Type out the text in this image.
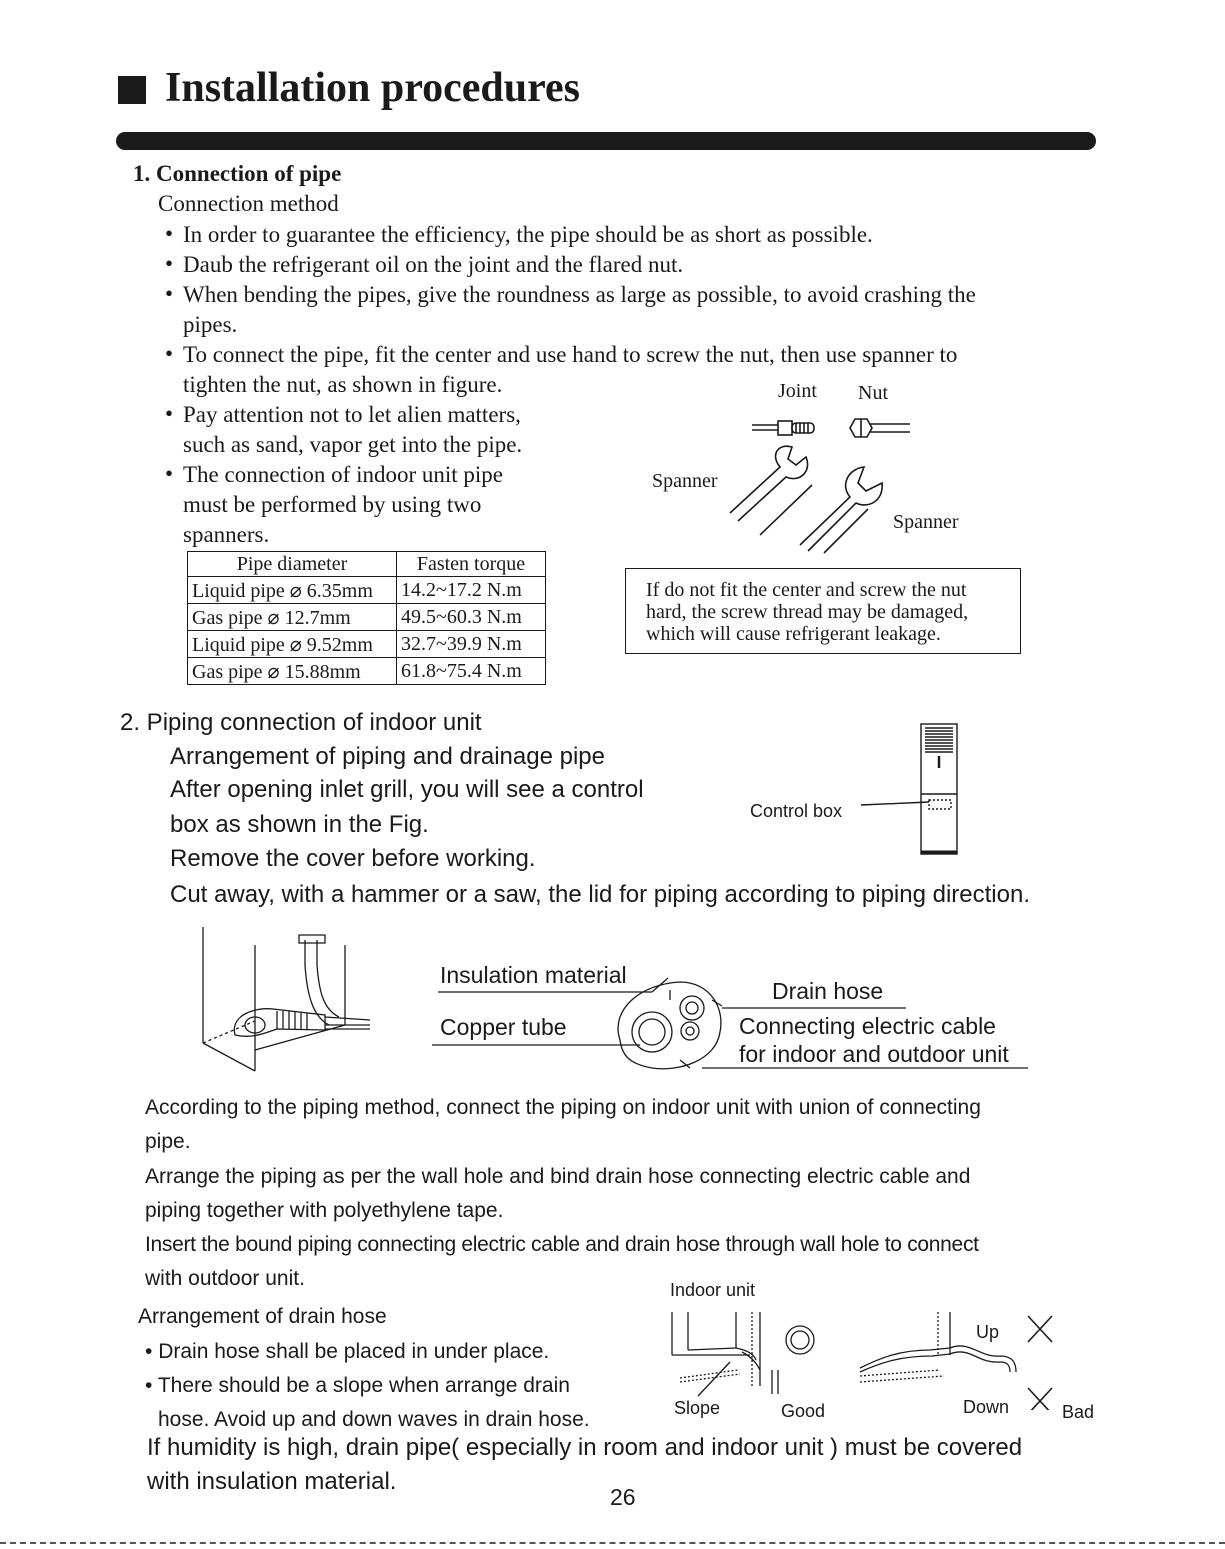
Installation procedures
1. Connection of pipe
Connection method
• In order to guarantee the efficiency, the pipe should be as short as possible.
• Daub the refrigerant oil on the joint and the flared nut.
• When bending the pipes, give the roundness as large as possible, to avoid crashing the
pipes.
• To connect the pipe, fit the center and use hand to screw the nut, then use spanner to
tighten the nut, as shown in figure.
• Pay attention not to let alien matters,
such as sand, vapor get into the pipe.
• The connection of indoor unit pipe
must be performed by using two
spanners.
Joint Nut
Spanner
Spanner
Pipe diameter	Fasten torque
Liquid pipe ⌀ 6.35mm	14.2~17.2 N.m
Gas pipe ⌀ 12.7mm	49.5~60.3 N.m
Liquid pipe ⌀ 9.52mm	32.7~39.9 N.m
Gas pipe ⌀ 15.88mm	61.8~75.4 N.m
If do not fit the center and screw the nut
hard, the screw thread may be damaged,
which will cause refrigerant leakage.
2. Piping connection of indoor unit
Arrangement of piping and drainage pipe
After opening inlet grill, you will see a control
box as shown in the Fig.
Remove the cover before working.
Cut away, with a hammer or a saw, the lid for piping according to piping direction.
Control box
Insulation material
Copper tube
Drain hose
Connecting electric cable
for indoor and outdoor unit
According to the piping method, connect the piping on indoor unit with union of connecting
pipe.
Arrange the piping as per the wall hole and bind drain hose connecting electric cable and
piping together with polyethylene tape.
Insert the bound piping connecting electric cable and drain hose through wall hole to connect
with outdoor unit.
Arrangement of drain hose
• Drain hose shall be placed in under place.
• There should be a slope when arrange drain
hose. Avoid up and down waves in drain hose.
Indoor unit
Slope	Good
Up
Down	Bad
If humidity is high, drain pipe( especially in room and indoor unit ) must be covered
with insulation material.
26
